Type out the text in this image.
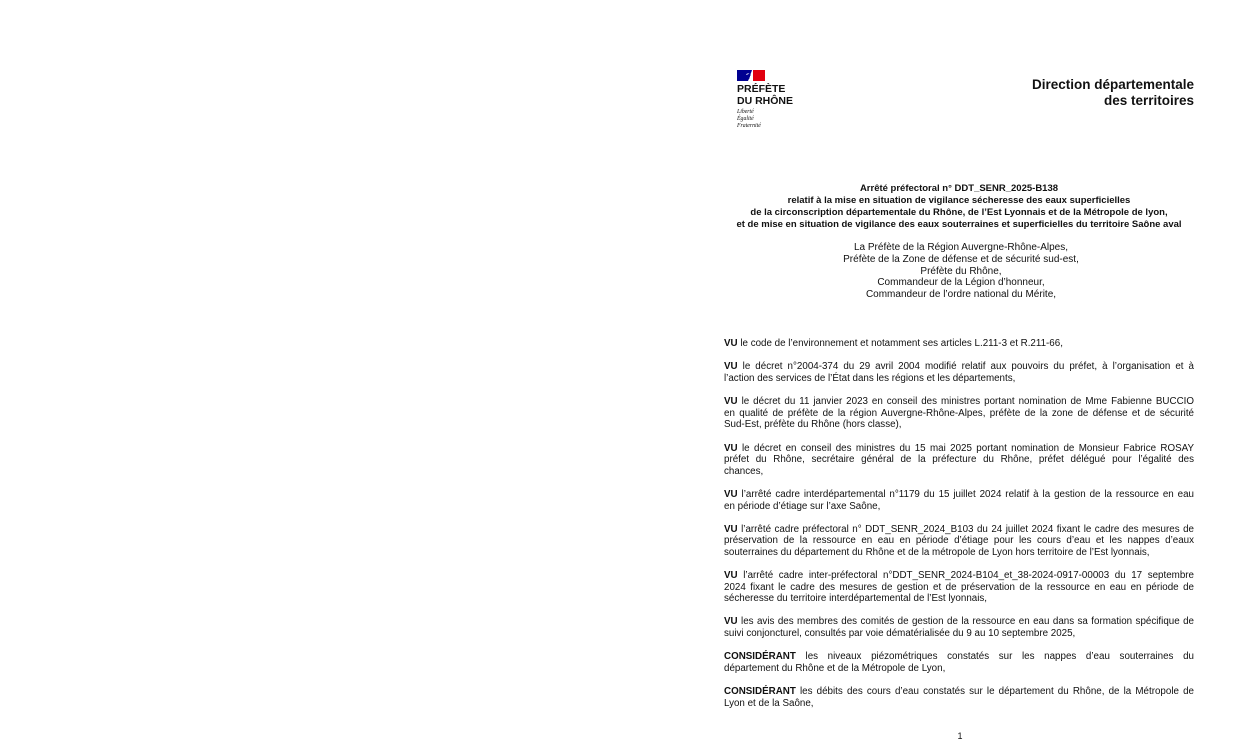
PRÉFÈTE
DU RHÔNE
Liberté
Égalité
Fraternité
Direction départementale
des territoires
Arrêté préfectoral n° DDT_SENR_2025-B138
relatif à la mise en situation de vigilance sécheresse des eaux superficielles
de la circonscription départementale du Rhône, de l’Est Lyonnais et de la Métropole de lyon,
et de mise en situation de vigilance des eaux souterraines et superficielles du territoire Saône aval
La Préfète de la Région Auvergne-Rhône-Alpes,
Préfète de la Zone de défense et de sécurité sud-est,
Préfète du Rhône,
Commandeur de la Légion d’honneur,
Commandeur de l’ordre national du Mérite,
VU le code de l’environnement et notamment ses articles L.211-3 et R.211-66,
VU le décret n°2004-374 du 29 avril 2004 modifié relatif aux pouvoirs du préfet, à l’organisation et à
l’action des services de l’État dans les régions et les départements,
VU le décret du 11 janvier 2023 en conseil des ministres portant nomination de Mme Fabienne BUCCIO
en qualité de préfète de la région Auvergne-Rhône-Alpes, préfète de la zone de défense et de sécurité
Sud-Est, préfète du Rhône (hors classe),
VU le décret en conseil des ministres du 15 mai 2025 portant nomination de Monsieur Fabrice ROSAY
préfet du Rhône, secrétaire général de la préfecture du Rhône, préfet délégué pour l’égalité des
chances,
VU l’arrêté cadre interdépartemental n°1179 du 15 juillet 2024 relatif à la gestion de la ressource en eau
en période d’étiage sur l’axe Saône,
VU l’arrêté cadre préfectoral n° DDT_SENR_2024_B103 du 24 juillet 2024 fixant le cadre des mesures de
préservation de la ressource en eau en période d’étiage pour les cours d’eau et les nappes d’eaux
souterraines du département du Rhône et de la métropole de Lyon hors territoire de l’Est lyonnais,
VU l’arrêté cadre inter-préfectoral n°DDT_SENR_2024-B104_et_38-2024-0917-00003 du 17 septembre
2024 fixant le cadre des mesures de gestion et de préservation de la ressource en eau en période de
sécheresse du territoire interdépartemental de l’Est lyonnais,
VU les avis des membres des comités de gestion de la ressource en eau dans sa formation spécifique de
suivi conjoncturel, consultés par voie dématérialisée du 9 au 10 septembre 2025,
CONSIDÉRANT les niveaux piézométriques constatés sur les nappes d’eau souterraines du
département du Rhône et de la Métropole de Lyon,
CONSIDÉRANT les débits des cours d’eau constatés sur le département du Rhône, de la Métropole de
Lyon et de la Saône,
1
